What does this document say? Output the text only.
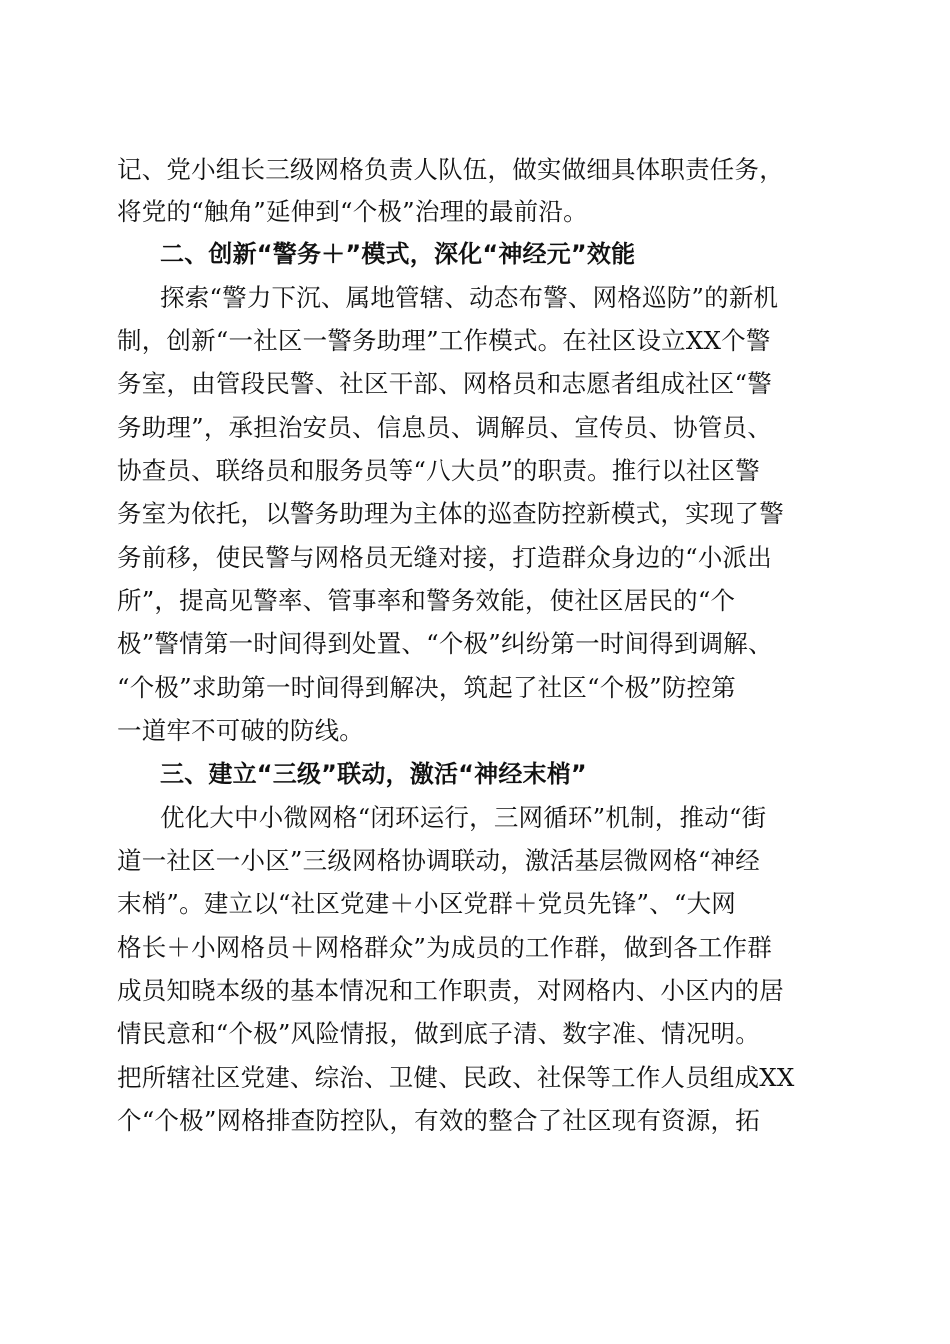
记、党小组长三级网格负责人队伍，做实做细具体职责任务，
将党的“触角”延伸到“个极”治理的最前沿。
二、创新“警务＋”模式，深化“神经元”效能
探索“警力下沉、属地管辖、动态布警、网格巡防”的新机
制，创新“一社区一警务助理”工作模式。在社区设立XX个警
务室，由管段民警、社区干部、网格员和志愿者组成社区“警
务助理”，承担治安员、信息员、调解员、宣传员、协管员、
协查员、联络员和服务员等“八大员”的职责。推行以社区警
务室为依托，以警务助理为主体的巡查防控新模式，实现了警
务前移，使民警与网格员无缝对接，打造群众身边的“小派出
所”，提高见警率、管事率和警务效能，使社区居民的“个
极”警情第一时间得到处置、“个极”纠纷第一时间得到调解、
“个极”求助第一时间得到解决，筑起了社区“个极”防控第
一道牢不可破的防线。
三、建立“三级”联动，激活“神经末梢”
优化大中小微网格“闭环运行，三网循环”机制，推动“街
道一社区一小区”三级网格协调联动，激活基层微网格“神经
末梢”。建立以“社区党建＋小区党群＋党员先锋”、“大网
格长＋小网格员＋网格群众”为成员的工作群，做到各工作群
成员知晓本级的基本情况和工作职责，对网格内、小区内的居
情民意和“个极”风险情报，做到底子清、数字准、情况明。
把所辖社区党建、综治、卫健、民政、社保等工作人员组成XX
个“个极”网格排查防控队，有效的整合了社区现有资源，拓
